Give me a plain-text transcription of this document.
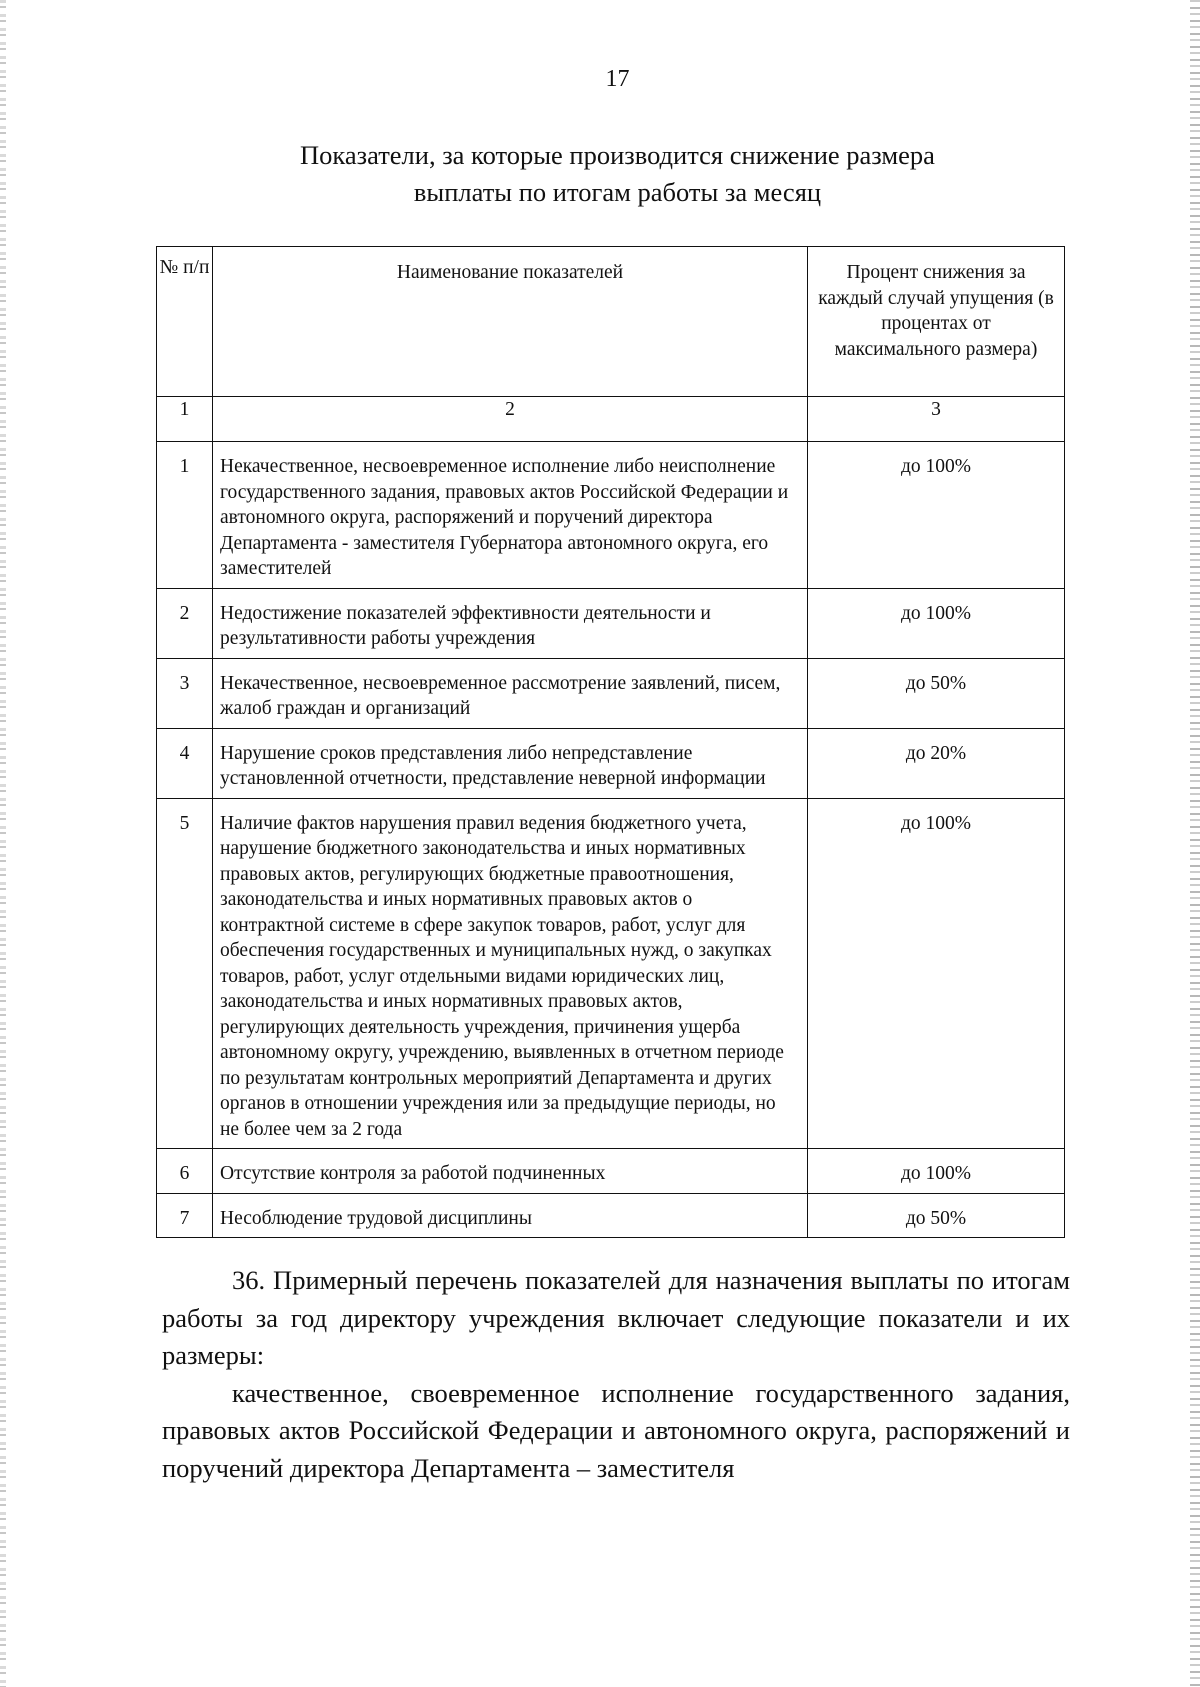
17
Показатели, за которые производится снижение размера
выплаты по итогам работы за месяц
№ п/п	Наименование показателей	Процент снижения за каждый случай упущения (в процентах от максимального размера)
1	2	3
1	Некачественное, несвоевременное исполнение либо неисполнение государственного задания, правовых актов Российской Федерации и автономного округа, распоряжений и поручений директора Департамента - заместителя Губернатора автономного округа, его заместителей	до 100%
2	Недостижение показателей эффективности деятельности и результативности работы учреждения	до 100%
3	Некачественное, несвоевременное рассмотрение заявлений, писем, жалоб граждан и организаций	до 50%
4	Нарушение сроков представления либо непредставление установленной отчетности, представление неверной информации	до 20%
5	Наличие фактов нарушения правил ведения бюджетного учета, нарушение бюджетного законодательства и иных нормативных правовых актов, регулирующих бюджетные правоотношения, законодательства и иных нормативных правовых актов о контрактной системе в сфере закупок товаров, работ, услуг для обеспечения государственных и муниципальных нужд, о закупках товаров, работ, услуг отдельными видами юридических лиц, законодательства и иных нормативных правовых актов, регулирующих деятельность учреждения, причинения ущерба автономному округу, учреждению, выявленных в отчетном периоде по результатам контрольных мероприятий Департамента и других органов в отношении учреждения или за предыдущие периоды, но не более чем за 2 года	до 100%
6	Отсутствие контроля за работой подчиненных	до 100%
7	Несоблюдение трудовой дисциплины	до 50%

36. Примерный перечень показателей для назначения выплаты по итогам работы за год директору учреждения включает следующие показатели и их размеры:

качественное, своевременное исполнение государственного задания, правовых актов Российской Федерации и автономного округа, распоряжений и поручений директора Департамента – заместителя
